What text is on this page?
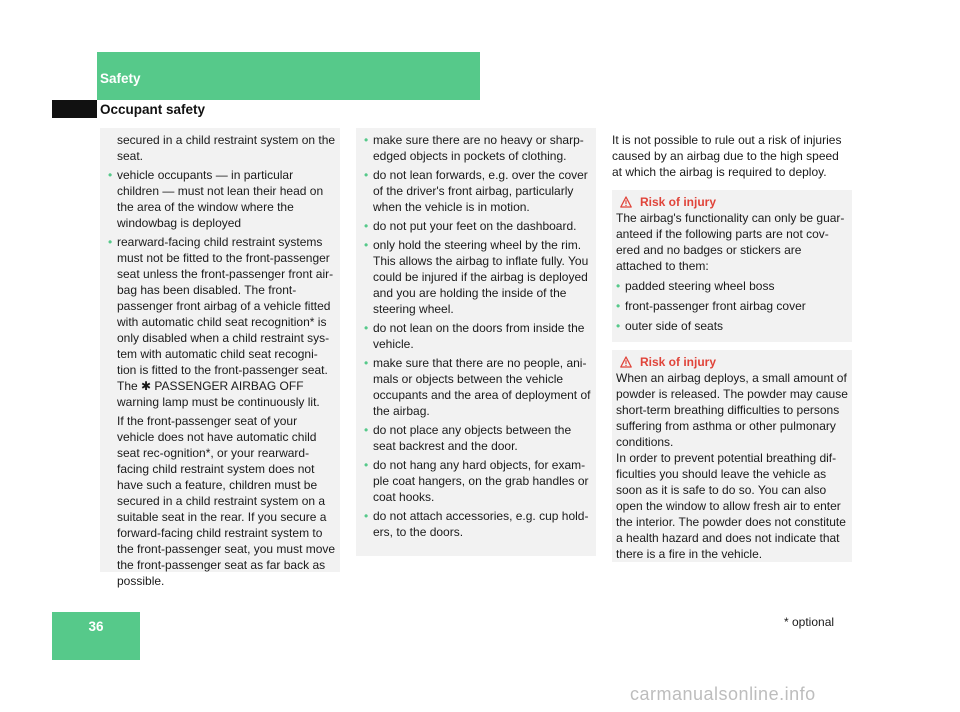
Safety
Occupant safety

secured in a child restraint system on the seat.

• vehicle occupants — in particular children — must not lean their head on the area of the window where the windowbag is deployed
• rearward-facing child restraint systems must not be fitted to the front-passenger seat unless the front-passenger front air-bag has been disabled. The front-passenger front airbag of a vehicle fitted with automatic child seat recognition* is only disabled when a child restraint sys-tem with automatic child seat recogni-tion is fitted to the front-passenger seat. The ✱ PASSENGER AIRBAG OFF warning lamp must be continuously lit.

If the front-passenger seat of your vehicle does not have automatic child seat rec-ognition*, or your rearward-facing child restraint system does not have such a feature, children must be secured in a child restraint system on a suitable seat in the rear. If you secure a forward-facing child restraint system to the front-passenger seat, you must move the front-passenger seat as far back as possible.

• make sure there are no heavy or sharp-edged objects in pockets of clothing.
• do not lean forwards, e.g. over the cover of the driver's front airbag, particularly when the vehicle is in motion.
• do not put your feet on the dashboard.
• only hold the steering wheel by the rim. This allows the airbag to inflate fully. You could be injured if the airbag is deployed and you are holding the inside of the steering wheel.
• do not lean on the doors from inside the vehicle.
• make sure that there are no people, ani-mals or objects between the vehicle occupants and the area of deployment of the airbag.
• do not place any objects between the seat backrest and the door.
• do not hang any hard objects, for exam-ple coat hangers, on the grab handles or coat hooks.
• do not attach accessories, e.g. cup hold-ers, to the doors.

It is not possible to rule out a risk of injuries caused by an airbag due to the high speed at which the airbag is required to deploy.

Risk of injury

The airbag's functionality can only be guar-anteed if the following parts are not cov-ered and no badges or stickers are attached to them:

• padded steering wheel boss
• front-passenger front airbag cover
• outer side of seats
Risk of injury

When an airbag deploys, a small amount of powder is released. The powder may cause short-term breathing difficulties to persons suffering from asthma or other pulmonary conditions.

In order to prevent potential breathing dif-ficulties you should leave the vehicle as soon as it is safe to do so. You can also open the window to allow fresh air to enter the interior. The powder does not constitute a health hazard and does not indicate that there is a fire in the vehicle.

36	* optional
carmanualsonline.info
